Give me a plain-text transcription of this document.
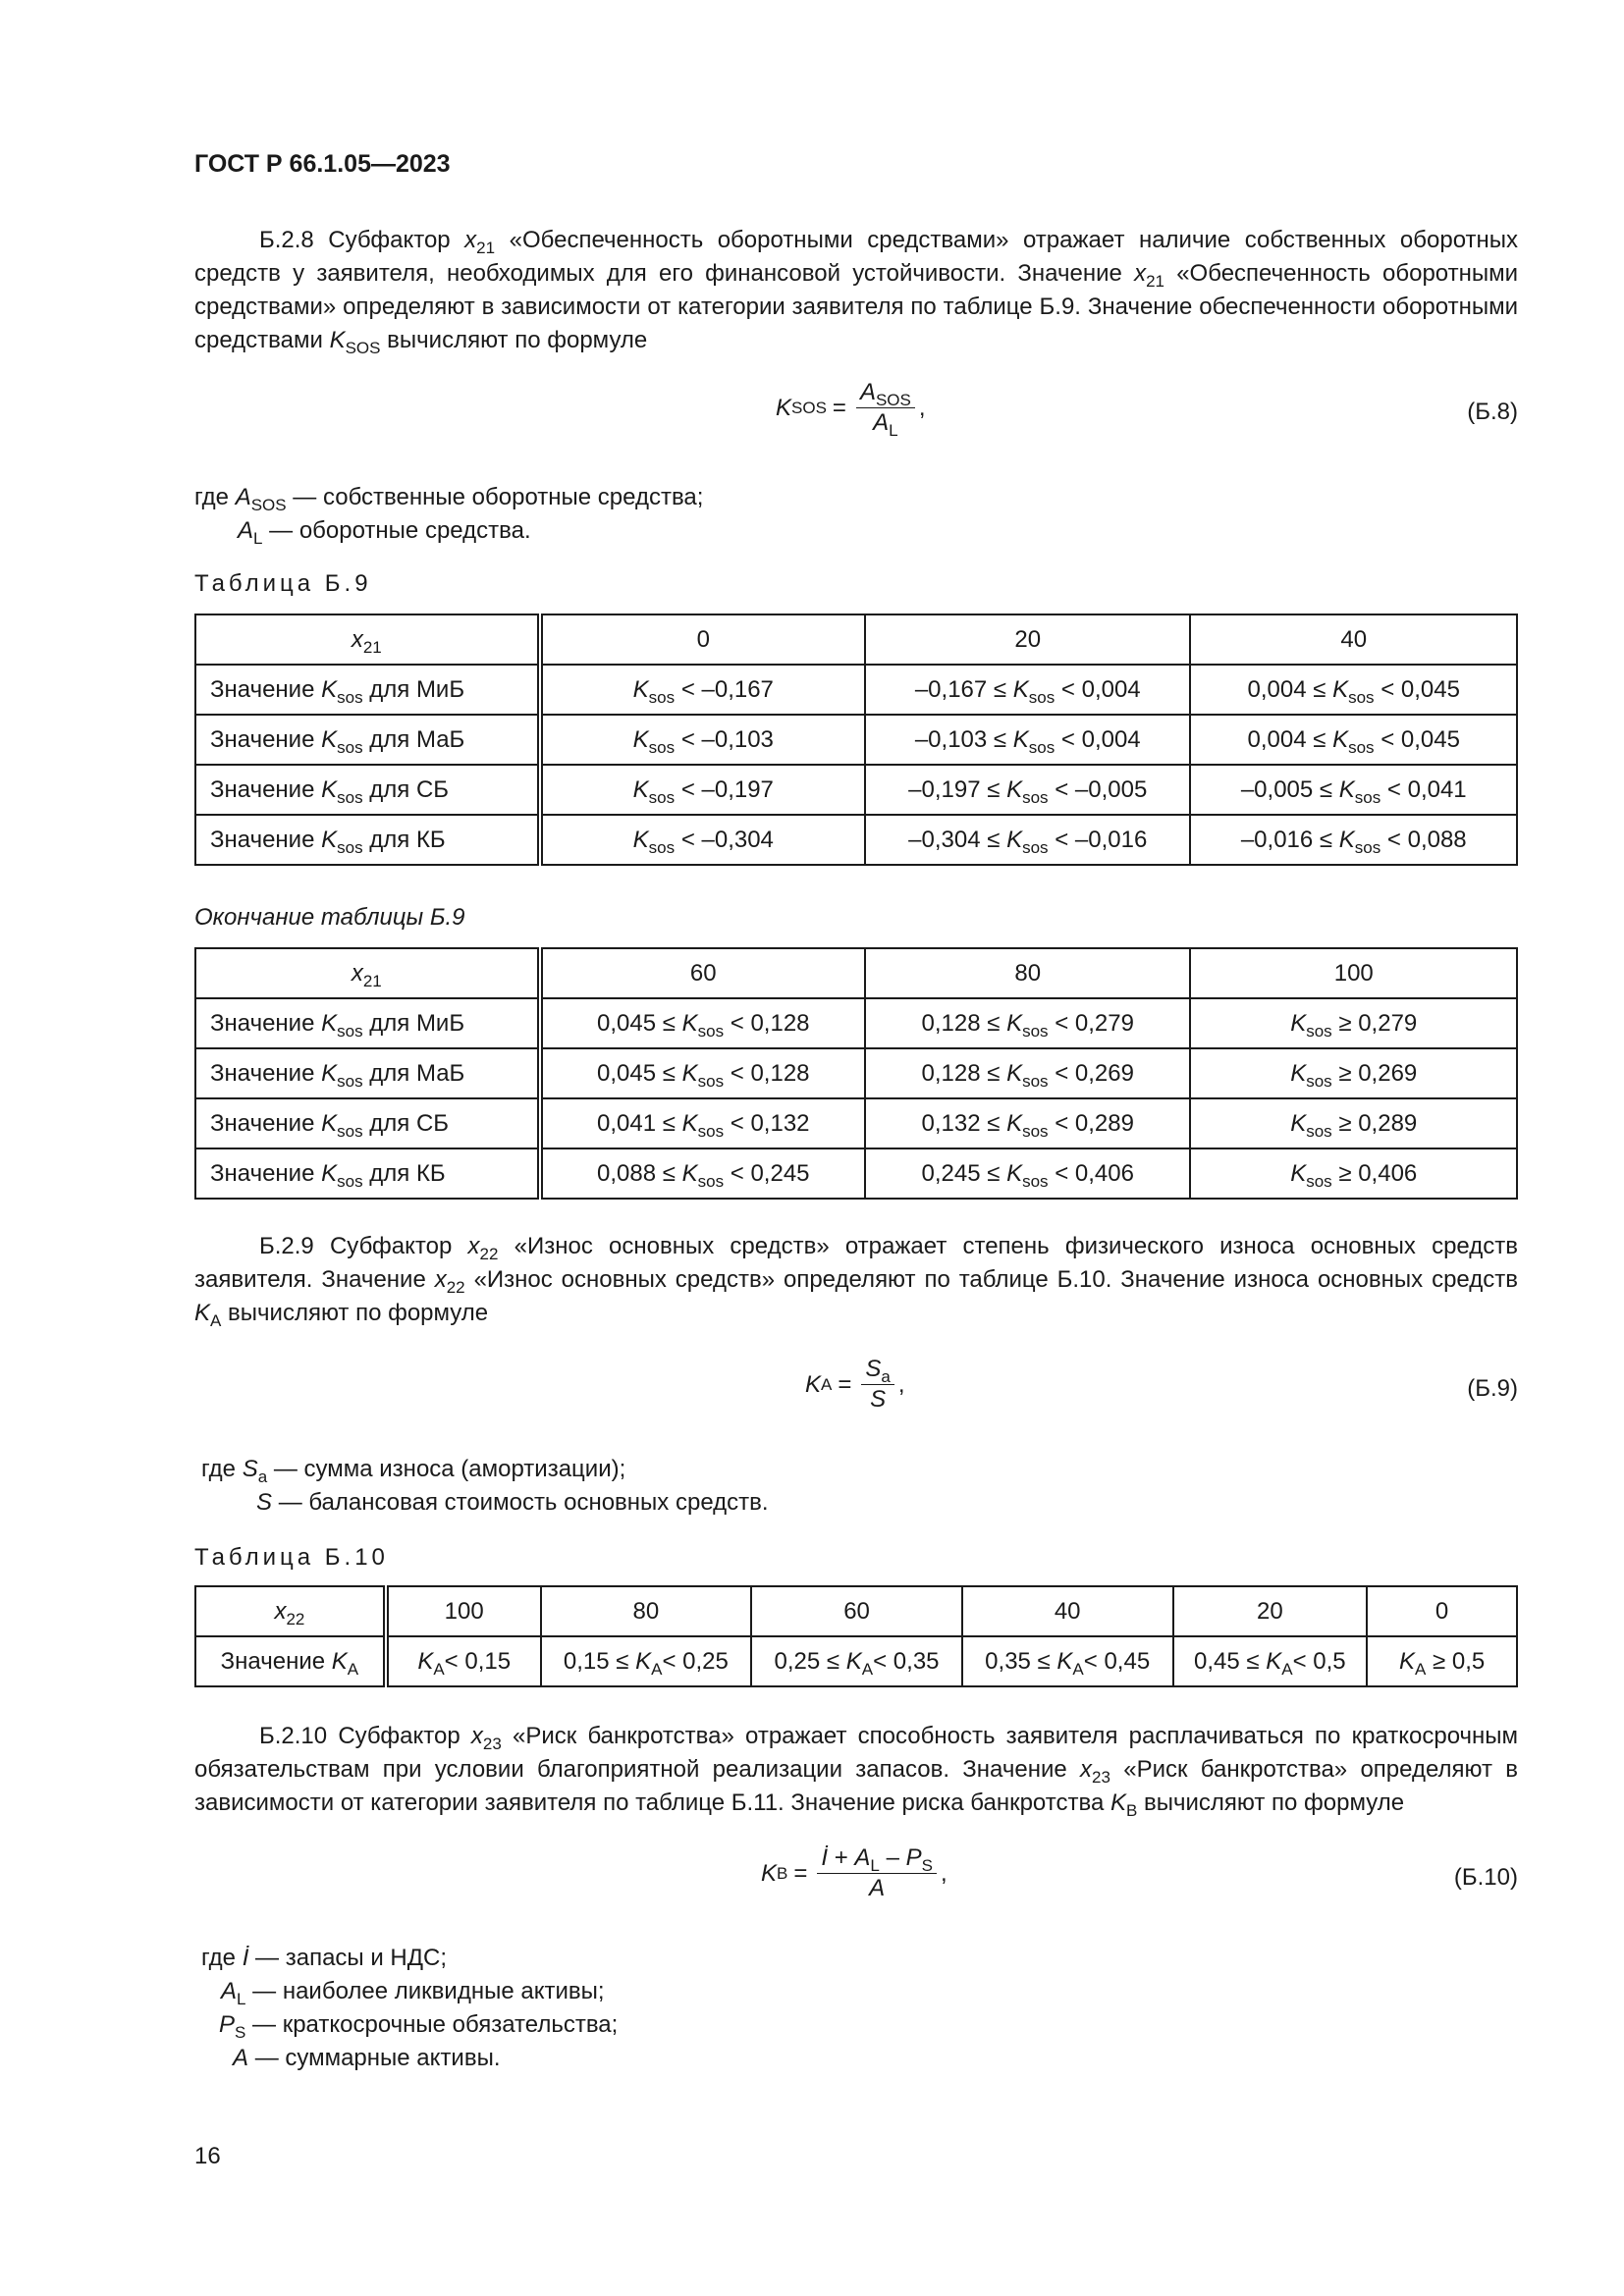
ГОСТ Р 66.1.05—2023
Б.2.8 Субфактор $x_{21}$ «Обеспеченность оборотными средствами» отражает наличие собственных оборотных средств у заявителя, необходимых для его финансовой устойчивости. Значение $x_{21}$ «Обеспеченность оборотными средствами» определяют в зависимости от категории заявителя по таблице Б.9. Значение обеспеченности оборотными средствами $K_{SOS}$ вычисляют по формуле
K SOS = $\frac{A_{SOS}}{A_L}$ ,	(Б.8)
где $A_{SOS}$ — собственные оборотные средства;
$A_L$ — оборотные средства.
Таблица Б.9
$x_{21}$	0	20	40
Значение $K_{sos}$ для МиБ	$K_{sos} < -0,167$	$-0,167 \le K_{sos} < 0,004$	$0,004 \le K_{sos} < 0,045$
Значение $K_{sos}$ для МаБ	$K_{sos} < -0,103$	$-0,103 \le K_{sos} < 0,004$	$0,004 \le K_{sos} < 0,045$
Значение $K_{sos}$ для СБ	$K_{sos} < -0,197$	$-0,197 \le K_{sos} < -0,005$	$-0,005 \le K_{sos} < 0,041$
Значение $K_{sos}$ для КБ	$K_{sos} < -0,304$	$-0,304 \le K_{sos} < -0,016$	$-0,016 \le K_{sos} < 0,088$
Окончание таблицы Б.9
$x_{21}$	60	80	100
Значение $K_{sos}$ для МиБ	$0,045 \le K_{sos} < 0,128$	$0,128 \le K_{sos} < 0,279$	$K_{sos} \ge 0,279$
Значение $K_{sos}$ для МаБ	$0,045 \le K_{sos} < 0,128$	$0,128 \le K_{sos} < 0,269$	$K_{sos} \ge 0,269$
Значение $K_{sos}$ для СБ	$0,041 \le K_{sos} < 0,132$	$0,132 \le K_{sos} < 0,289$	$K_{sos} \ge 0,289$
Значение $K_{sos}$ для КБ	$0,088 \le K_{sos} < 0,245$	$0,245 \le K_{sos} < 0,406$	$K_{sos} \ge 0,406$
Б.2.9 Субфактор $x_{22}$ «Износ основных средств» отражает степень физического износа основных средств заявителя. Значение $x_{22}$ «Износ основных средств» определяют по таблице Б.10. Значение износа основных средств $K_A$ вычисляют по формуле
K $A = \frac{S_a}{S}$ ,	(Б.9)
где $S_a$ — сумма износа (амортизации);
S — балансовая стоимость основных средств.
Таблица Б.10
$x_{22}$	100	80	60	40	20	0
Значение $K_A$	$K_A< 0,15$	$0,15 \le K_A< 0,25$	$0,25 \le K_A< 0,35$	$0,35 \le K_A< 0,45$	$0,45 \le K_A< 0,5$	$K_A \ge 0,5$
Б.2.10 Субфактор $x_{23}$ «Риск банкротства» отражает способность заявителя расплачиваться по краткосрочным обязательствам при условии благоприятной реализации запасов. Значение $x_{23}$ «Риск банкротства» определяют в зависимости от категории заявителя по таблице Б.11. Значение риска банкротства $K_B$ вычисляют по формуле
K $B = \frac{İ + A_L - P_S}{A}$ ,	(Б.10)
где İ — запасы и НДС;
$A_L$ — наиболее ликвидные активы;
$P_S$ — краткосрочные обязательства;
A — суммарные активы.
16
